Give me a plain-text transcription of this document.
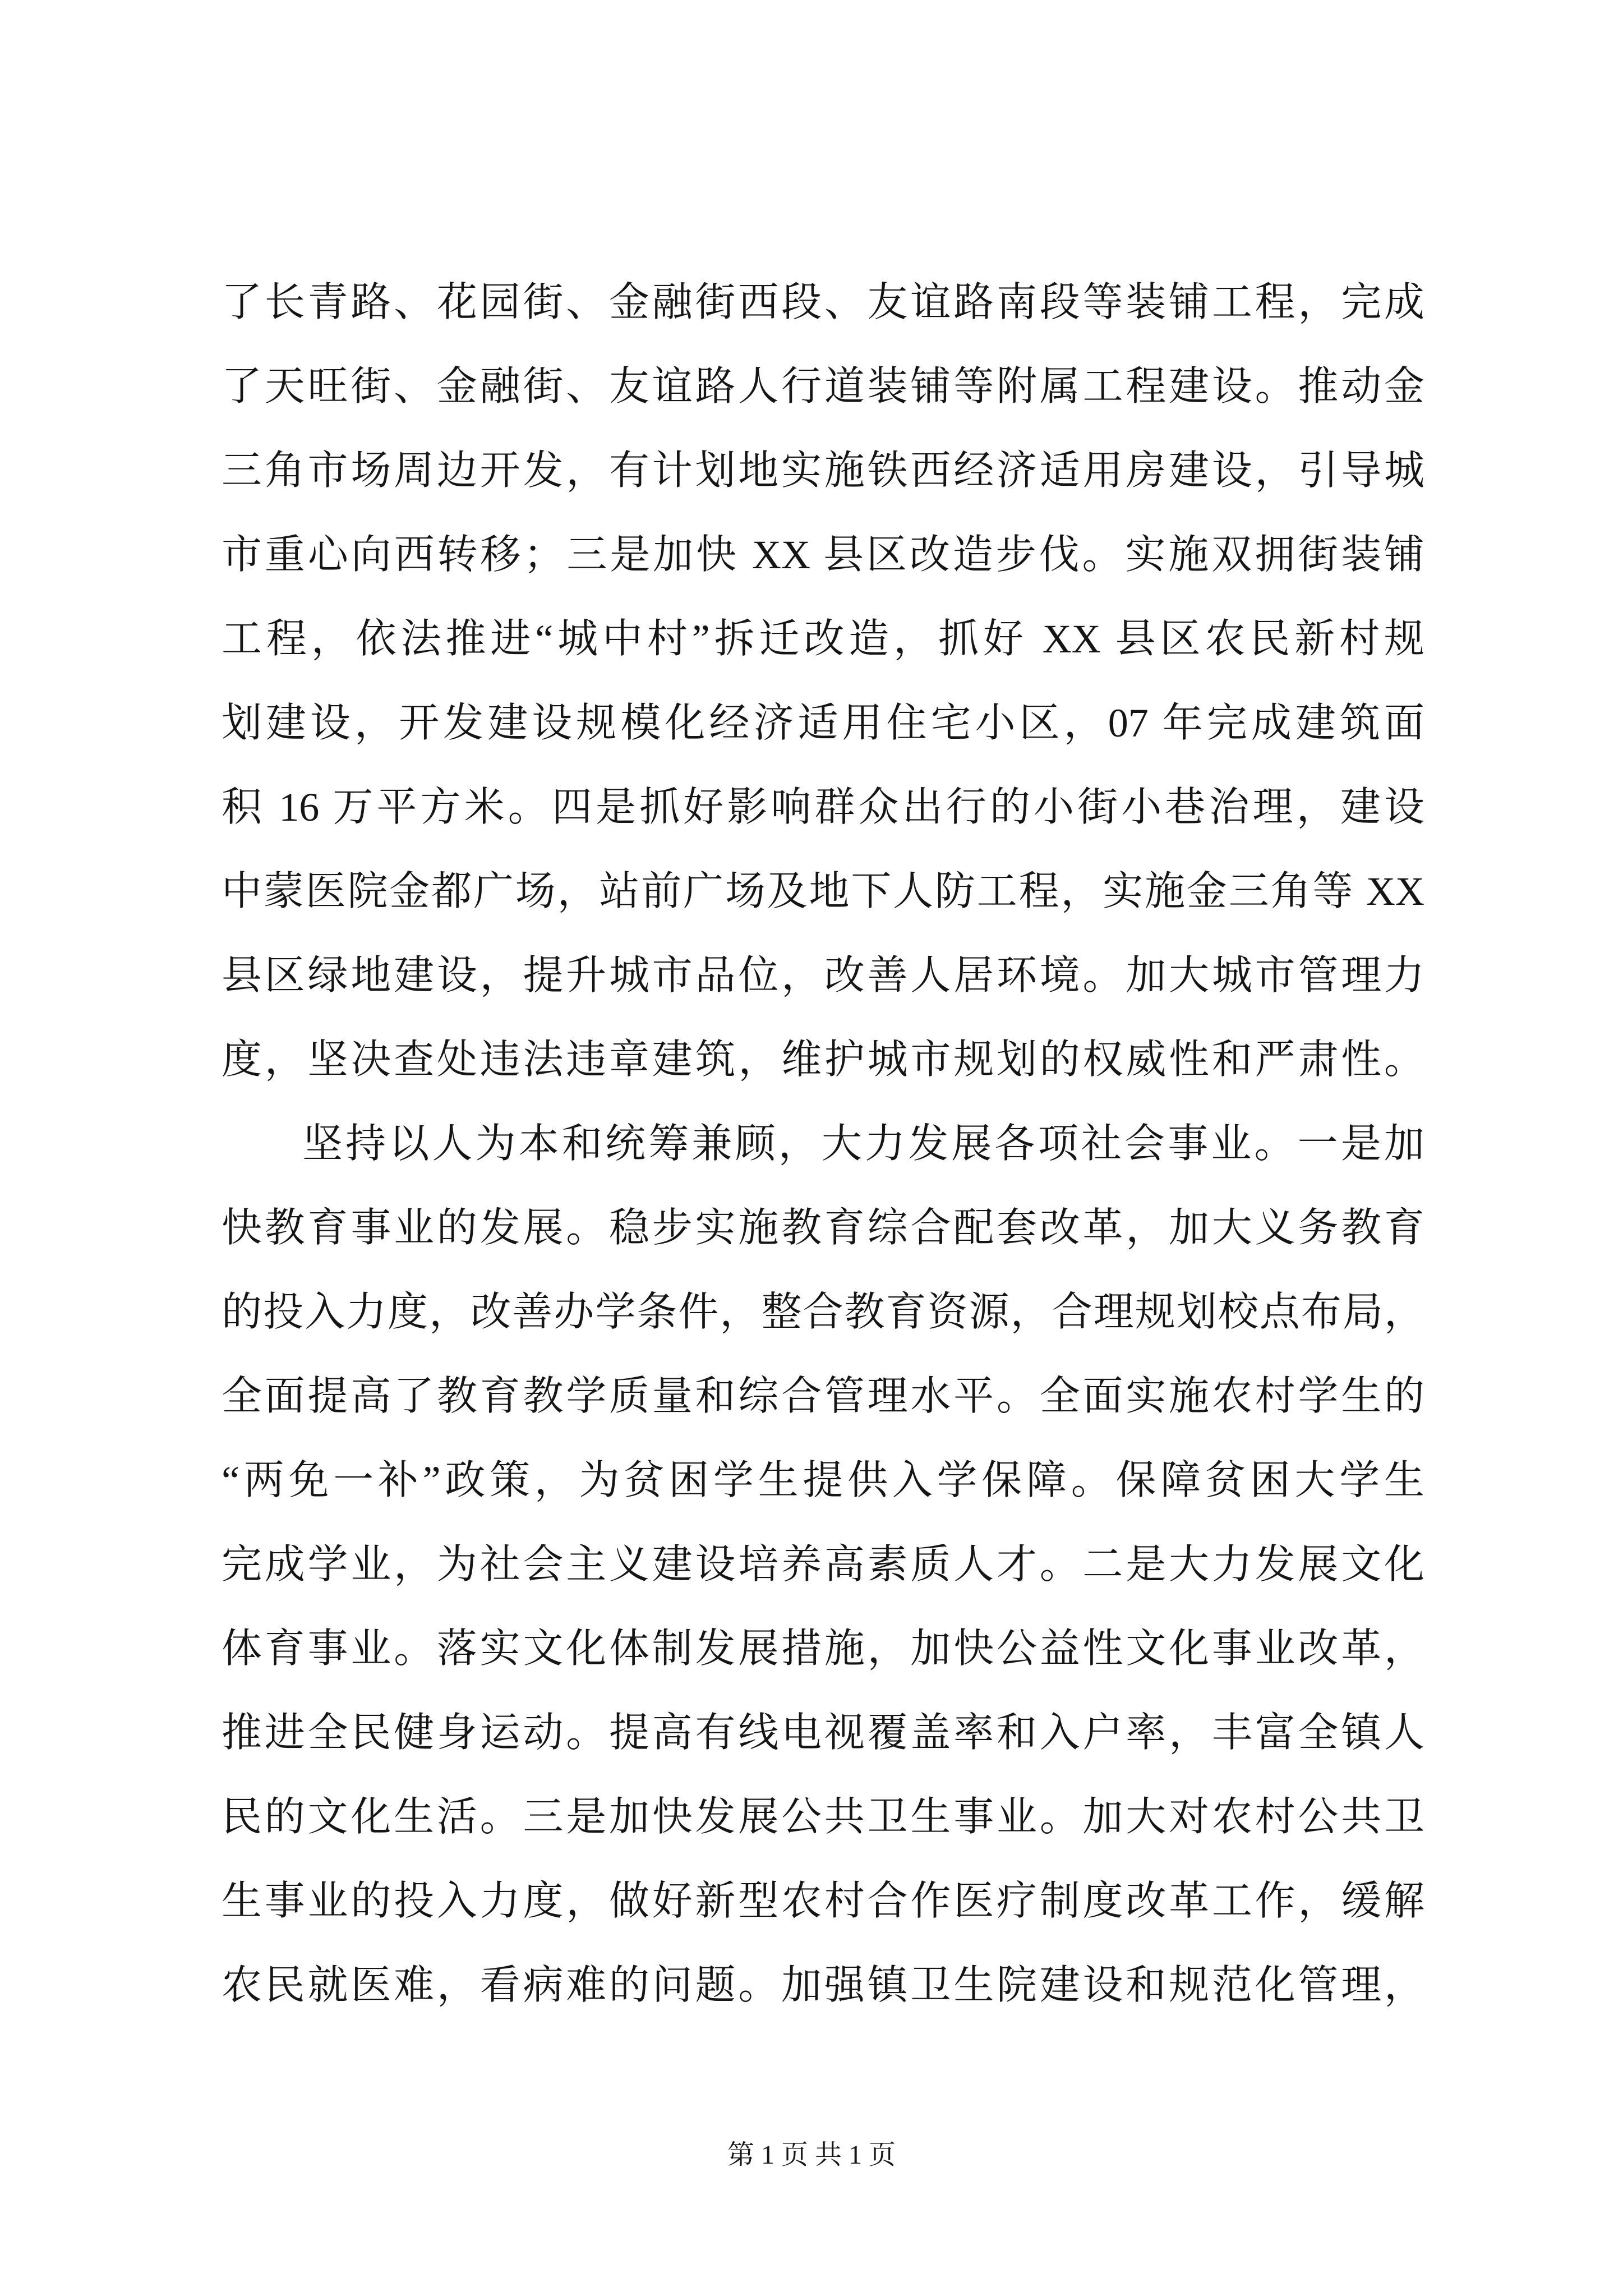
了长青路、花园街、金融街西段、友谊路南段等装铺工程，完成
了天旺街、金融街、友谊路人行道装铺等附属工程建设。推动金
三角市场周边开发，有计划地实施铁西经济适用房建设，引导城
市重心向西转移；三是加快 XX 县区改造步伐。实施双拥街装铺
工程，依法推进“城中村”拆迁改造，抓好 XX 县区农民新村规
划建设，开发建设规模化经济适用住宅小区，07 年完成建筑面
积 16 万平方米。四是抓好影响群众出行的小街小巷治理，建设
中蒙医院金都广场，站前广场及地下人防工程，实施金三角等 XX
县区绿地建设，提升城市品位，改善人居环境。加大城市管理力
度，坚决查处违法违章建筑，维护城市规划的权威性和严肃性。
坚持以人为本和统筹兼顾，大力发展各项社会事业。一是加
快教育事业的发展。稳步实施教育综合配套改革，加大义务教育
的投入力度，改善办学条件，整合教育资源，合理规划校点布局，
全面提高了教育教学质量和综合管理水平。全面实施农村学生的
“两免一补”政策，为贫困学生提供入学保障。保障贫困大学生
完成学业，为社会主义建设培养高素质人才。二是大力发展文化
体育事业。落实文化体制发展措施，加快公益性文化事业改革，
推进全民健身运动。提高有线电视覆盖率和入户率，丰富全镇人
民的文化生活。三是加快发展公共卫生事业。加大对农村公共卫
生事业的投入力度，做好新型农村合作医疗制度改革工作，缓解
农民就医难，看病难的问题。加强镇卫生院建设和规范化管理，
第 1 页 共 1 页
